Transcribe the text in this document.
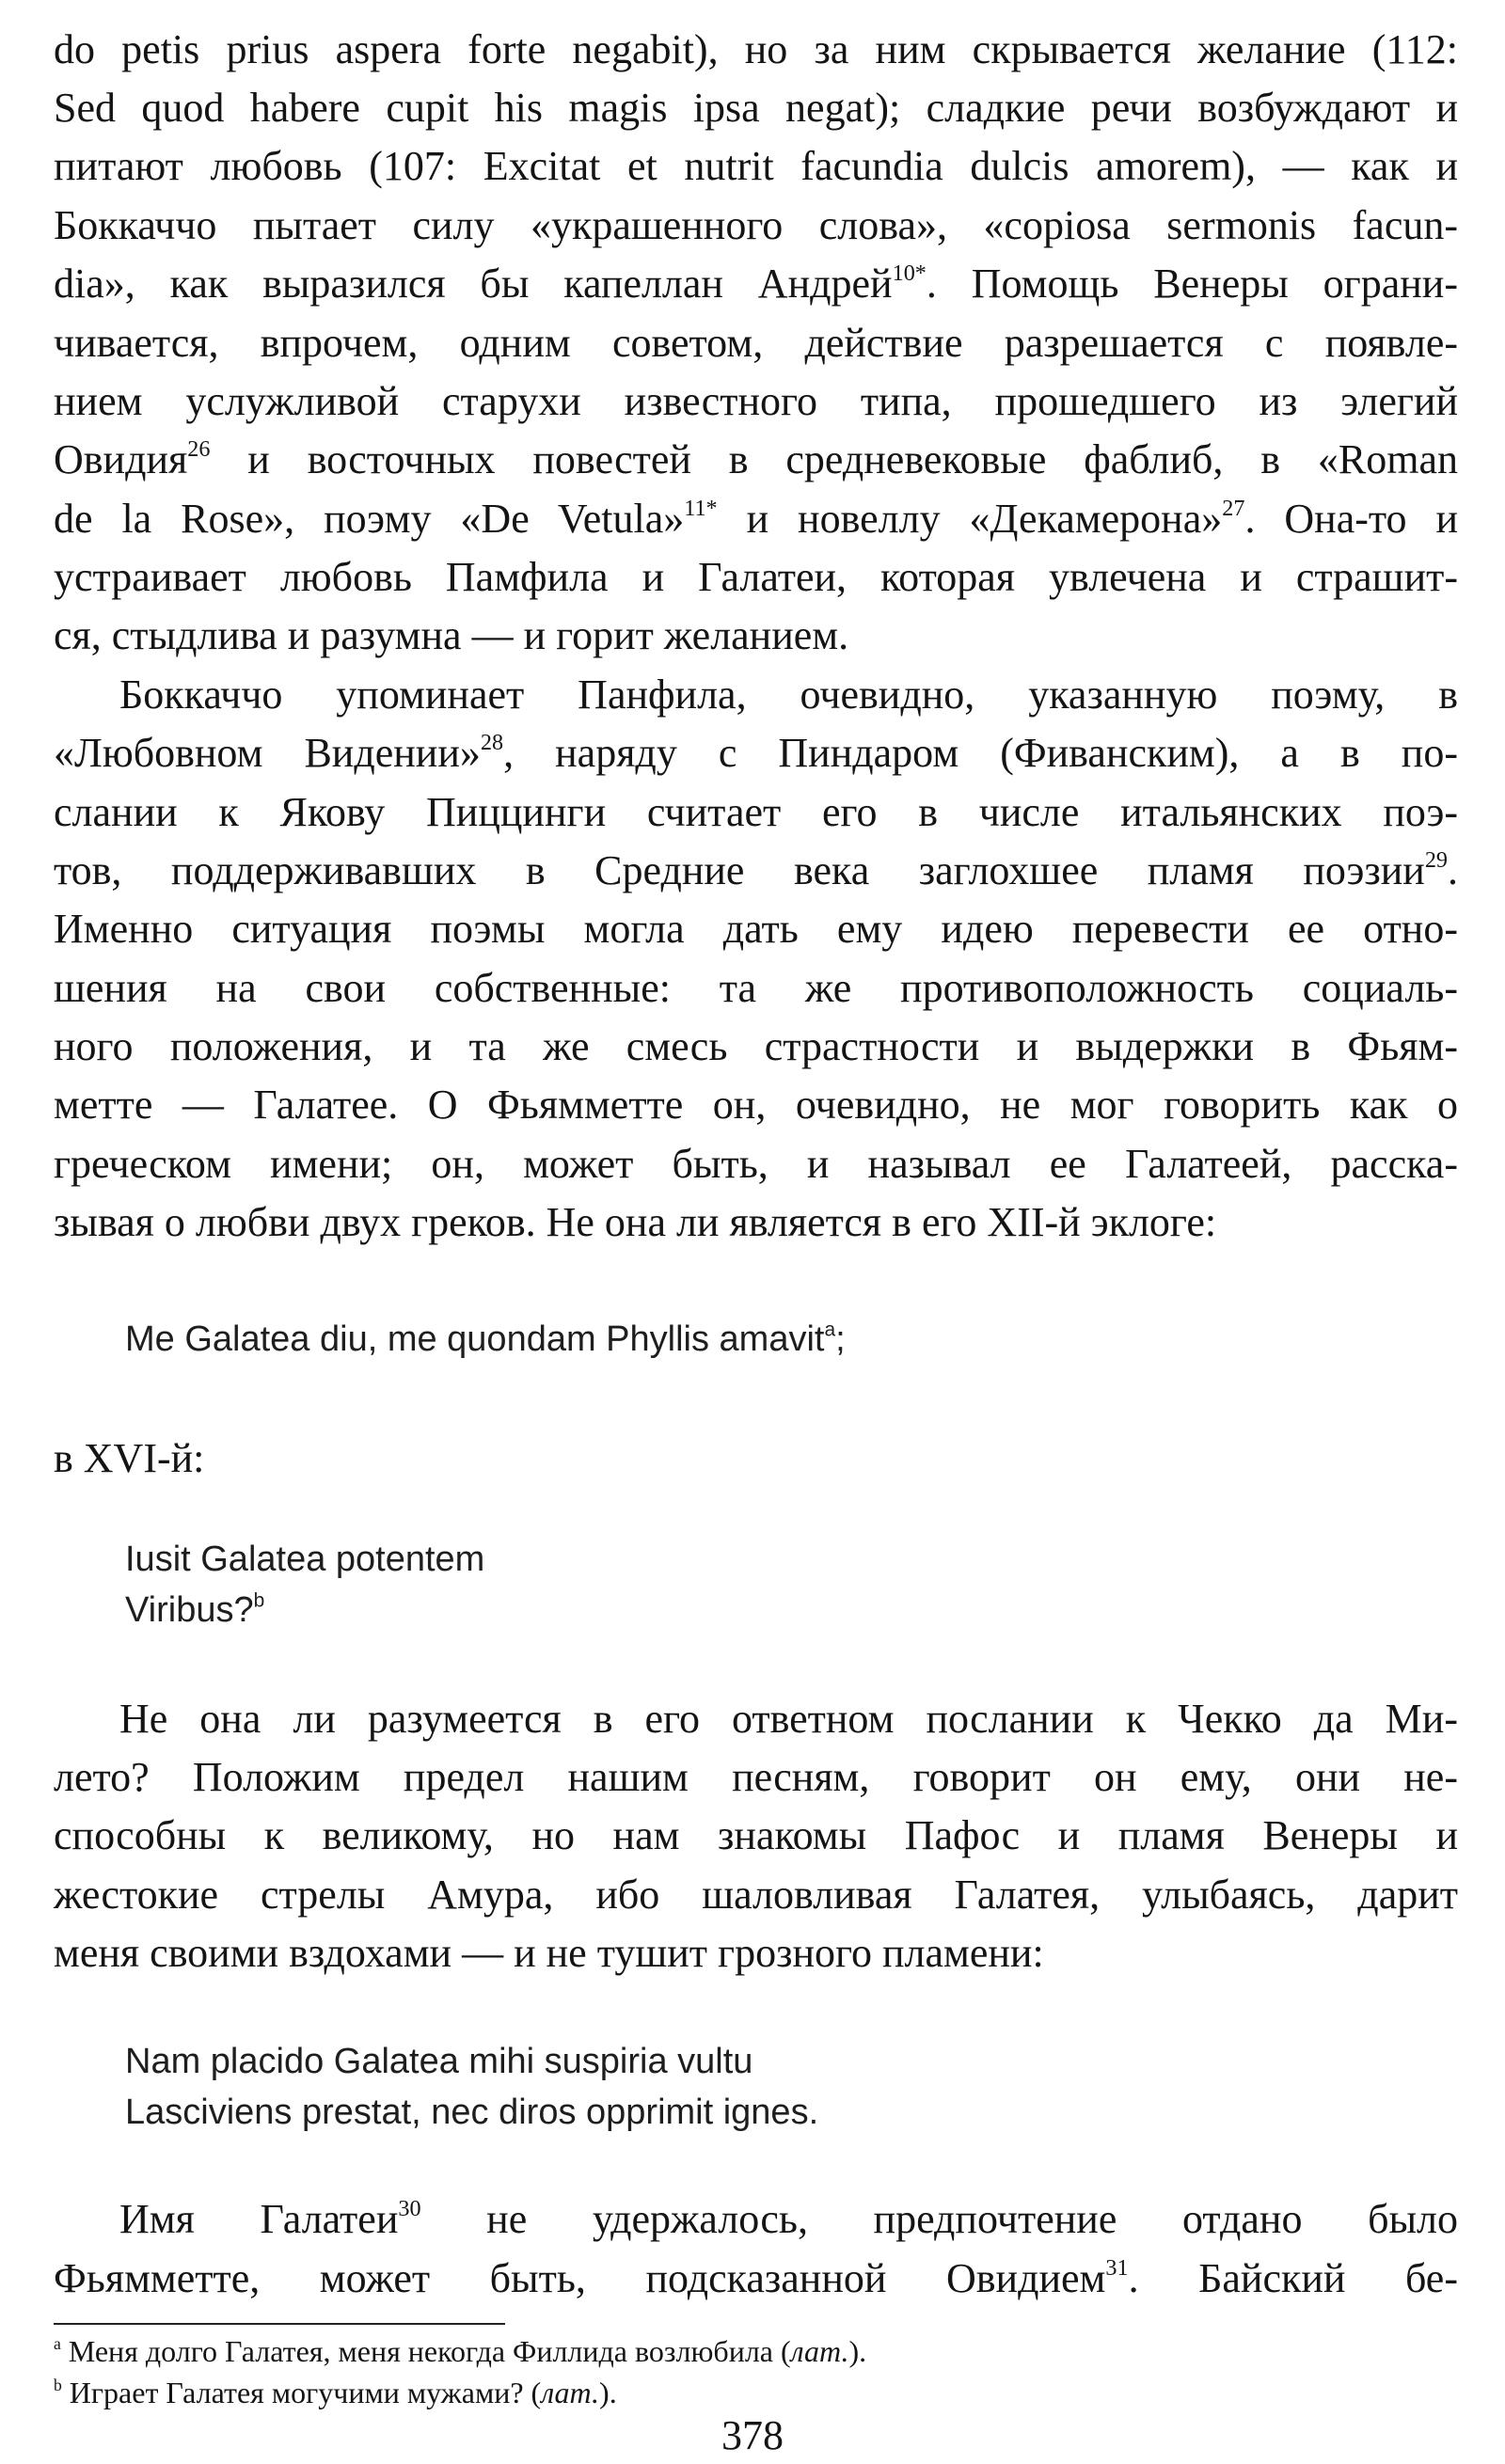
do petis prius aspera forte negabit), но за ним скрывается желание (112:
Sed quod habere cupit his magis ipsa negat); сладкие речи возбуждают и
питают любовь (107: Excitat et nutrit facundia dulcis amorem), — как и
Боккаччо пытает силу «украшенного слова», «copiosa sermonis facun-
dia», как выразился бы капеллан Андрей$^{10*}$. Помощь Венеры ограни-
чивается, впрочем, одним советом, действие разрешается с появле-
нием услужливой старухи известного типа, прошедшего из элегий
Овидия$^{26}$ и восточных повестей в средневековые фаблиб, в «Roman
de la Rose», поэму «De Vetula»$^{11*}$ и новеллу «Декамерона»$^{27}$. Она-то и
устраивает любовь Памфила и Галатеи, которая увлечена и страшит-
ся, стыдлива и разумна — и горит желанием.
Боккаччо упоминает Панфила, очевидно, указанную поэму, в
«Любовном Видении»$^{28}$, наряду с Пиндаром (Фиванским), а в по-
слании к Якову Пиццинги считает его в числе итальянских поэ-
тов, поддерживавших в Средние века заглохшее пламя поэзии$^{29}$.
Именно ситуация поэмы могла дать ему идею перевести ее отно-
шения на свои собственные: та же противоположность социаль-
ного положения, и та же смесь страстности и выдержки в Фьям-
метте — Галатее. О Фьямметте он, очевидно, не мог говорить как о
греческом имени; он, может быть, и называл ее Галатеей, расска-
зывая о любви двух греков. Не она ли является в его XII-й эклоге:
Me Galatea diu, me quondam Phyllis amavit$^a$;
в XVI-й:
Iusit Galatea potentem
Viribus?$^b$
Не она ли разумеется в его ответном послании к Чекко да Ми-
лето? Положим предел нашим песням, говорит он ему, они не-
способны к великому, но нам знакомы Пафос и пламя Венеры и
жестокие стрелы Амура, ибо шаловливая Галатея, улыбаясь, дарит
меня своими вздохами — и не тушит грозного пламени:
Nam placido Galatea mihi suspiria vultu
Lasciviens prestat, nec diros opprimit ignes.
Имя Галатеи$^{30}$ не удержалось, предпочтение отдано было
Фьямметте, может быть, подсказанной Овидием$^{31}$. Байский бе-
$^a$ Меня долго Галатея, меня некогда Филлида возлюбила (лат.).
$^b$ Играет Галатея могучими мужами? (лат.).
378
